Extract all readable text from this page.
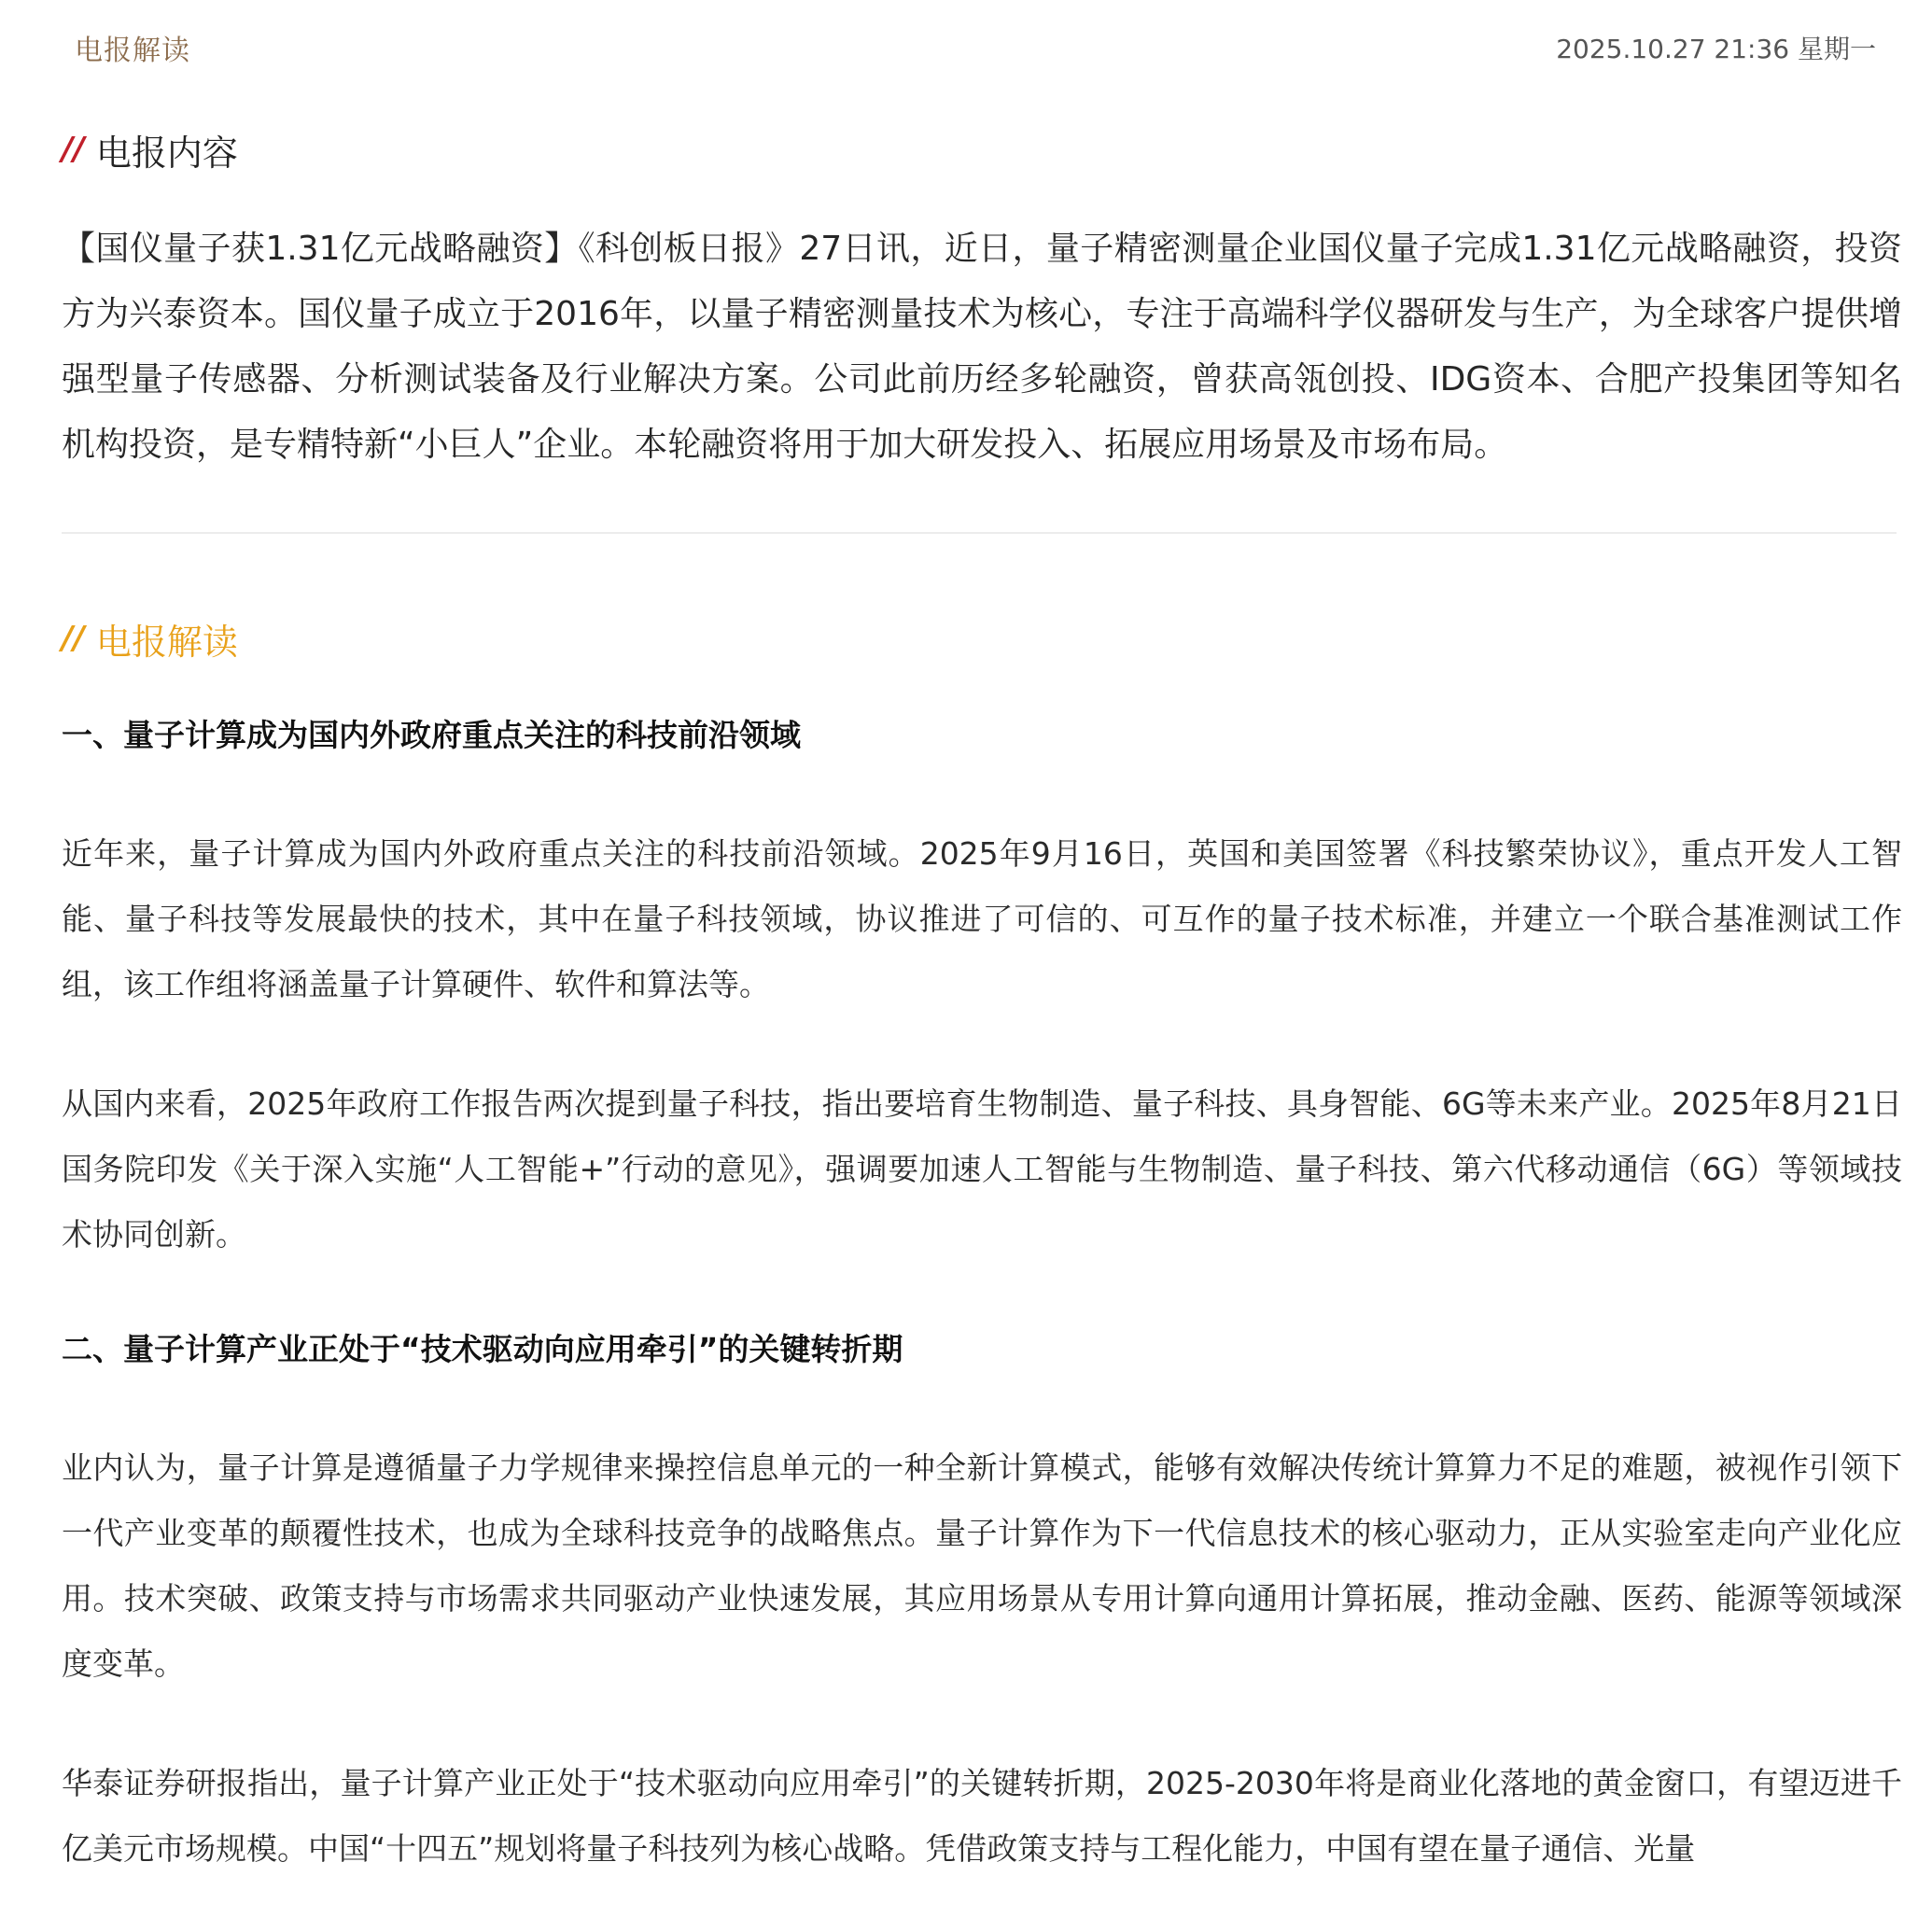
电报解读	2025.10.27 21:36 星期一
// 电报内容

【国仪量子获1.31亿元战略融资】《科创板日报》27日讯，近日，量子精密测量企业国仪量子完成1.31亿元战略融资，投资方为兴泰资本。国仪量子成立于2016年，以量子精密测量技术为核心，专注于高端科学仪器研发与生产，为全球客户提供增强型量子传感器、分析测试装备及行业解决方案。公司此前历经多轮融资，曾获高瓴创投、IDG资本、合肥产投集团等知名机构投资，是专精特新“小巨人”企业。本轮融资将用于加大研发投入、拓展应用场景及市场布局。

// 电报解读
一、量子计算成为国内外政府重点关注的科技前沿领域

近年来，量子计算成为国内外政府重点关注的科技前沿领域。2025年9月16日，英国和美国签署《科技繁荣协议》，重点开发人工智能、量子科技等发展最快的技术，其中在量子科技领域，协议推进了可信的、可互作的量子技术标准，并建立一个联合基准测试工作组，该工作组将涵盖量子计算硬件、软件和算法等。

从国内来看，2025年政府工作报告两次提到量子科技，指出要培育生物制造、量子科技、具身智能、6G等未来产业。2025年8月21日国务院印发《关于深入实施“人工智能+”行动的意见》，强调要加速人工智能与生物制造、量子科技、第六代移动通信（6G）等领域技术协同创新。

二、量子计算产业正处于“技术驱动向应用牵引”的关键转折期

业内认为，量子计算是遵循量子力学规律来操控信息单元的一种全新计算模式，能够有效解决传统计算算力不足的难题，被视作引领下一代产业变革的颠覆性技术，也成为全球科技竞争的战略焦点。量子计算作为下一代信息技术的核心驱动力，正从实验室走向产业化应用。技术突破、政策支持与市场需求共同驱动产业快速发展，其应用场景从专用计算向通用计算拓展，推动金融、医药、能源等领域深度变革。

华泰证券研报指出，量子计算产业正处于“技术驱动向应用牵引”的关键转折期，2025-2030年将是商业化落地的黄金窗口，有望迈进千亿美元市场规模。中国“十四五”规划将量子科技列为核心战略。凭借政策支持与工程化能力，中国有望在量子通信、光量
